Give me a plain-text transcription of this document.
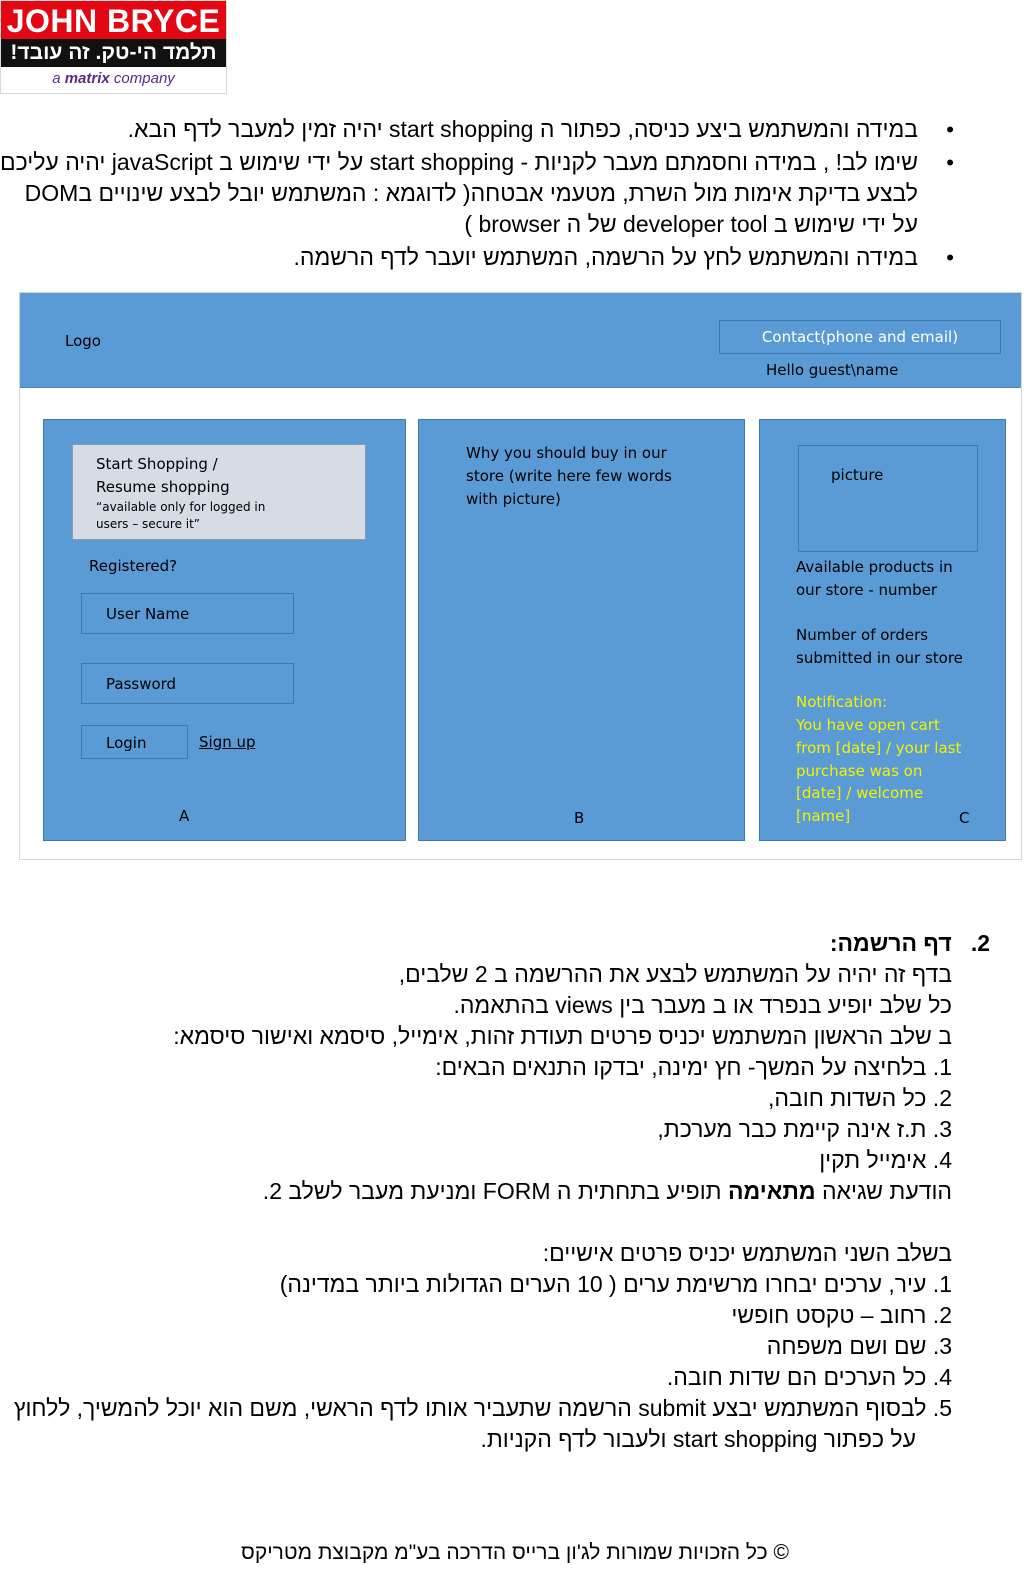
JOHN BRYCE
תלמד הי-טק. זה עובד!
a matrix company
• במידה והמשתמש ביצע כניסה, כפתור ה start shopping יהיה זמין למעבר לדף הבא.
• שימו לב! , במידה וחסמתם מעבר לקניות - start shopping על ידי שימוש ב javaScript יהיה עליכם לבצע בדיקת אימות מול השרת, מטעמי אבטחה( לדוגמא : המשתמש יובל לבצע שינויים בDOM על ידי שימוש ב developer tool של ה browser )
• במידה והמשתמש לחץ על הרשמה, המשתמש יועבר לדף הרשמה.
Logo	Contact(phone and email)
Hello guest\name
Start Shopping /
Resume shopping
“available only for logged in
users – secure it”
Registered?
User Name
Password
Login	Sign up
A
Why you should buy in our
store (write here few words
with picture)
B
picture
Available products in
our store - number
Number of orders
submitted in our store
Notification:
You have open cart
from [date] / your last
purchase was on
[date] / welcome
[name]	C

2.   דף הרשמה:

בדף זה יהיה על המשתמש לבצע את ההרשמה ב 2 שלבים,

כל שלב יופיע בנפרד או ב מעבר בין views בהתאמה.

ב שלב הראשון המשתמש יכניס פרטים תעודת זהות, אימייל, סיסמא ואישור סיסמא:

1. בלחיצה על המשך- חץ ימינה, יבדקו התנאים הבאים:

2. כל השדות חובה,

3. ת.ז אינה קיימת כבר מערכת,

4. אימייל תקין

הודעת שגיאה מתאימה תופיע בתחתית ה FORM ומניעת מעבר לשלב 2.

בשלב השני המשתמש יכניס פרטים אישיים:

1. עיר, ערכים יבחרו מרשימת ערים ( 10 הערים הגדולות ביותר במדינה)

2. רחוב – טקסט חופשי

3. שם ושם משפחה

4. כל הערכים הם שדות חובה.

5. לבסוף המשתמש יבצע submit הרשמה שתעביר אותו לדף הראשי, משם הוא יוכל להמשיך, ללחוץ

על כפתור start shopping ולעבור לדף הקניות.

© כל הזכויות שמורות לג'ון ברייס הדרכה בע"מ מקבוצת מטריקס
